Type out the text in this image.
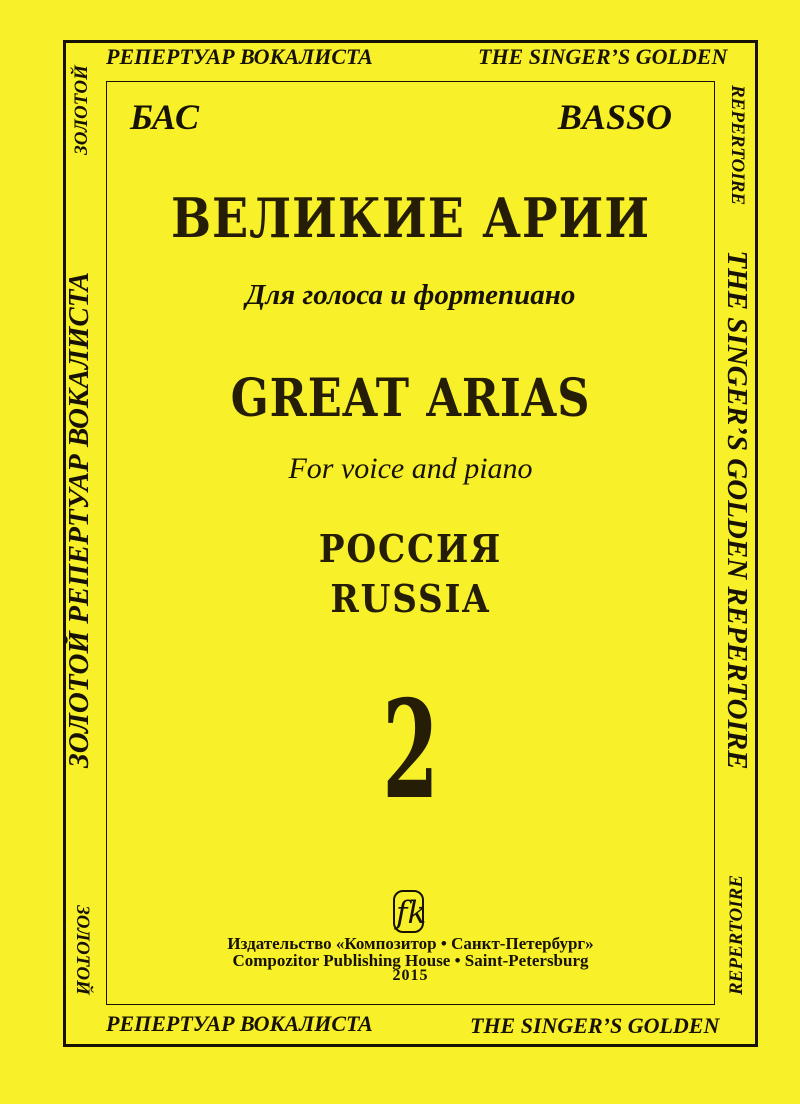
РЕПЕРТУАР ВОКАЛИСТА	THE SINGER’S GOLDEN
РЕПЕРТУАР ВОКАЛИСТА	THE SINGER’S GOLDEN
ЗОЛОТОЙ
ЗОЛОТОЙ РЕПЕРТУАР ВОКАЛИСТА
ЗОЛОТОЙ
REPERTOIRE
THE SINGER’S GOLDEN REPERTOIRE
REPERTOIRE
БАС	BASSO
ВЕЛИКИЕ АРИИ
Для голоса и фортепиано
GREAT ARIAS
For voice and piano
РОССИЯ
RUSSIA
2
fk
Издательство «Композитор • Санкт-Петербург»
Compozitor Publishing House • Saint-Petersburg
2015
